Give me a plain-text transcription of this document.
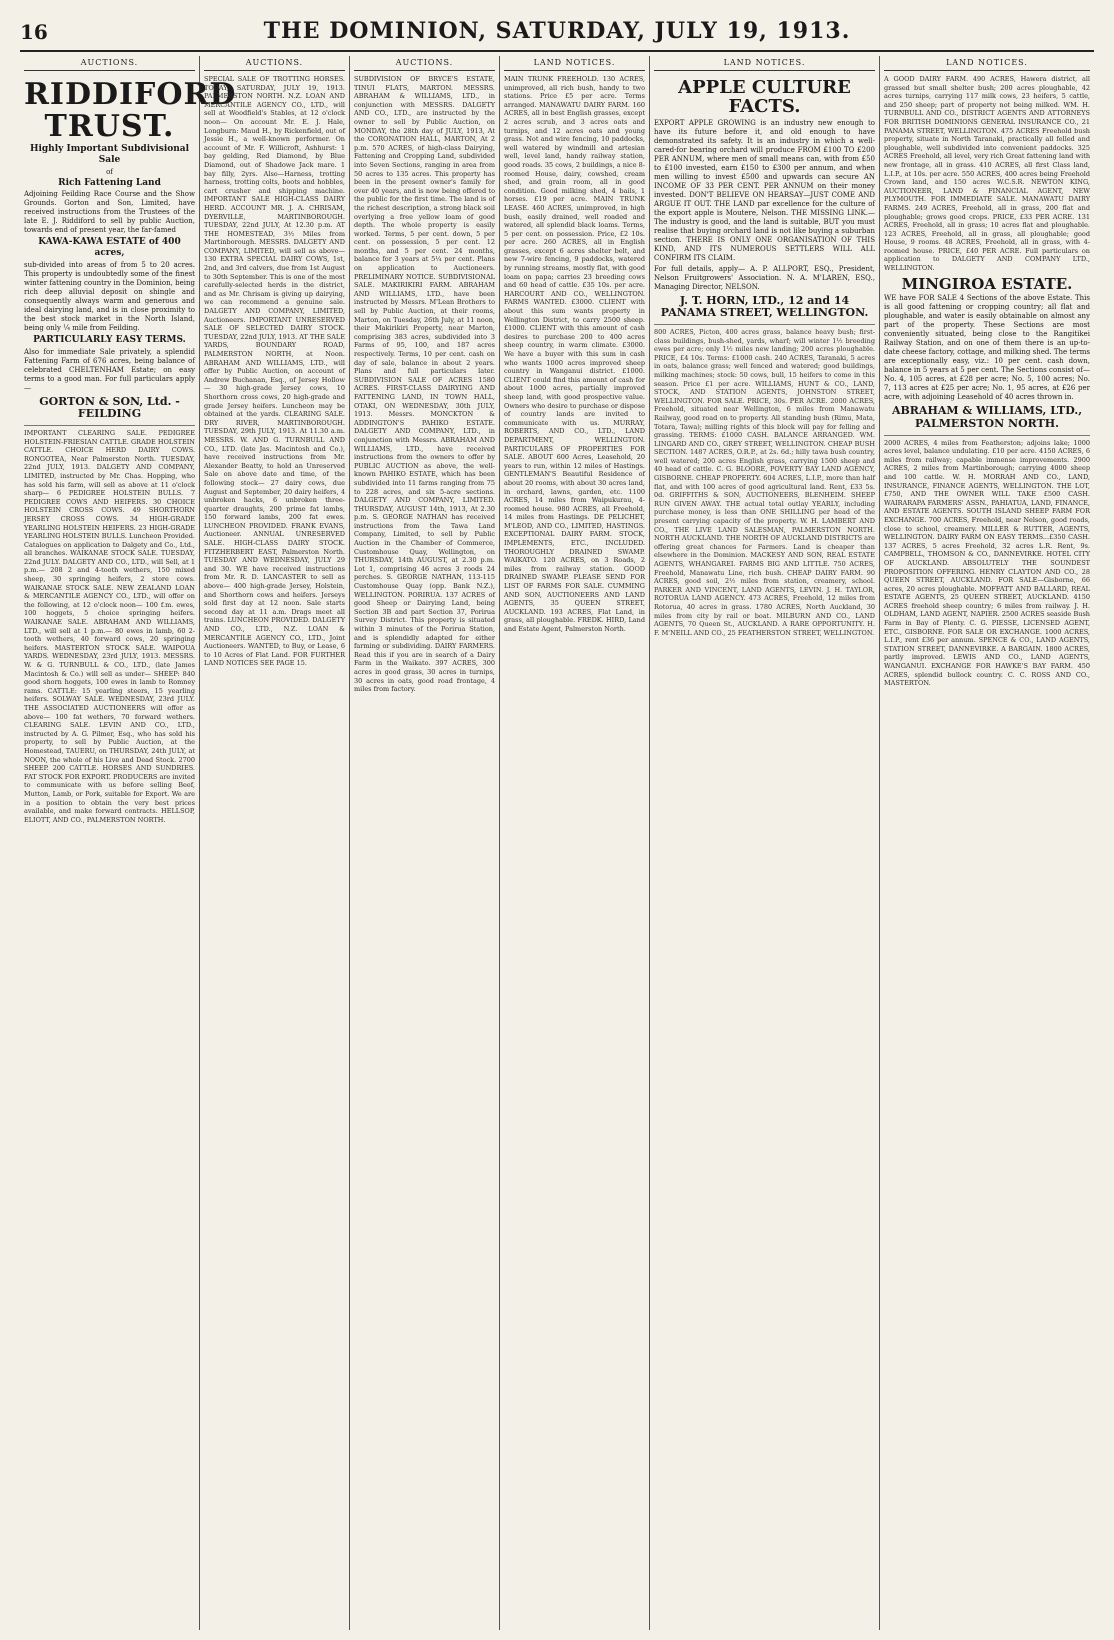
16	THE DOMINION, SATURDAY, JULY 19, 1913.
AUCTIONS.
RIDDIFORD TRUST.
Highly Important Subdivisional Sale
of
Rich Fattening Land

Adjoining Feilding Race Course and the Show Grounds. Gorton and Son, Limited, have received instructions from the Trustees of the late E. J. Riddiford to sell by public Auction, towards end of present year, the far-famed

KAWA-KAWA ESTATE of 400 acres,

sub-divided into areas of from 5 to 20 acres. This property is undoubtedly some of the finest winter fattening country in the Dominion, being rich deep alluvial deposit on shingle and consequently always warm and generous and ideal dairying land, and is in close proximity to the best stock market in the North Island, being only ¼ mile from Feilding.

PARTICULARLY EASY TERMS.

Also for immediate Sale privately, a splendid Fattening Farm of 676 acres, being balance of celebrated CHELTENHAM Estate; on easy terms to a good man. For full particulars apply—

GORTON & SON, Ltd. - FEILDING

IMPORTANT CLEARING SALE. PEDIGREE HOLSTEIN-FRIESIAN CATTLE. GRADE HOLSTEIN CATTLE. CHOICE HERD DAIRY COWS. RONGOTEA, Near Palmerston North. TUESDAY, 22nd JULY, 1913. DALGETY AND COMPANY, LIMITED, instructed by Mr. Chas. Hopping, who has sold his farm, will sell as above at 11 o'clock sharp— 6 PEDIGREE HOLSTEIN BULLS. 7 PEDIGREE COWS AND HEIFERS. 30 CHOICE HOLSTEIN CROSS COWS. 49 SHORTHORN JERSEY CROSS COWS. 34 HIGH-GRADE YEARLING HOLSTEIN HEIFERS. 23 HIGH-GRADE YEARLING HOLSTEIN BULLS. Luncheon Provided. Catalogues on application to Dalgety and Co., Ltd., all branches. WAIKANAE STOCK SALE. TUESDAY, 22nd JULY. DALGETY AND CO., LTD., will Sell, at 1 p.m.— 208 2 and 4-tooth wethers, 150 mixed sheep, 30 springing heifers, 2 store cows. WAIKANAE STOCK SALE. NEW ZEALAND LOAN & MERCANTILE AGENCY CO., LTD., will offer on the following, at 12 o'clock noon— 100 f.m. ewes, 100 hoggets, 5 choice springing heifers. WAIKANAE SALE. ABRAHAM AND WILLIAMS, LTD., will sell at 1 p.m.— 80 ewes in lamb, 60 2-tooth wethers, 40 forward cows, 20 springing heifers. MASTERTON STOCK SALE. WAIPOUA YARDS. WEDNESDAY, 23rd JULY, 1913. MESSRS. W. & G. TURNBULL & CO., LTD., (late James Macintosh & Co.) will sell as under— SHEEP: 840 good shorn hoggets, 100 ewes in lamb to Romney rams. CATTLE: 15 yearling steers, 15 yearling heifers. SOLWAY SALE. WEDNESDAY, 23rd JULY. THE ASSOCIATED AUCTIONEERS will offer as above— 100 fat wethers, 70 forward wethers. CLEARING SALE. LEVIN AND CO., LTD., instructed by A. G. Pilmer, Esq., who has sold his property, to sell by Public Auction, at the Homestead, TAUERU, on THURSDAY, 24th JULY, at NOON, the whole of his Live and Dead Stock. 2700 SHEEP. 200 CATTLE. HORSES AND SUNDRIES. FAT STOCK FOR EXPORT. PRODUCERS are invited to communicate with us before selling Beef, Mutton, Lamb, or Pork, suitable for Export. We are in a position to obtain the very best prices available, and make forward contracts. HELLSOP, ELIOTT, AND CO., PALMERSTON NORTH.

AUCTIONS.

SPECIAL SALE OF TROTTING HORSES. TODAY, SATURDAY, JULY 19, 1913. PALMERSTON NORTH. N.Z. LOAN AND MERCANTILE AGENCY CO., LTD., will sell at Woodfield's Stables, at 12 o'clock noon— On account Mr. E. J. Hale, Longburn: Maud H., by Rickenfield, out of Jessie H., a well-known performer. On account of Mr. F. Willicroft, Ashhurst: 1 bay gelding, Red Diamond, by Blue Diamond, out of Shadowe Jack mare. 1 bay filly, 2yrs. Also—Harness, trotting harness, trotting colts, boots and hobbles, cart crusher and shipping machine. IMPORTANT SALE HIGH-CLASS DAIRY HERD. ACCOUNT MR. J. A. CHRISAM, DYERVILLE, MARTINBOROUGH. TUESDAY, 22nd JULY, At 12.30 p.m. AT THE HOMESTEAD, 3½ Miles from Martinborough. MESSRS. DALGETY AND COMPANY, LIMITED, will sell as above— 130 EXTRA SPECIAL DAIRY COWS, 1st, 2nd, and 3rd calvers, due from 1st August to 30th September. This is one of the most carefully-selected herds in the district, and as Mr. Chrisam is giving up dairying, we can recommend a genuine sale. DALGETY AND COMPANY, LIMITED, Auctioneers. IMPORTANT UNRESERVED SALE OF SELECTED DAIRY STOCK. TUESDAY, 22nd JULY, 1913. AT THE SALE YARDS, BOUNDARY ROAD, PALMERSTON NORTH, at Noon. ABRAHAM AND WILLIAMS, LTD., will offer by Public Auction, on account of Andrew Buchanan, Esq., of Jersey Hollow— 30 high-grade Jersey cows, 10 Shorthorn cross cows, 20 high-grade and grade Jersey heifers. Luncheon may be obtained at the yards. CLEARING SALE. DRY RIVER, MARTINBOROUGH. TUESDAY, 29th JULY, 1913. At 11.30 a.m. MESSRS. W. AND G. TURNBULL AND CO., LTD. (late Jas. Macintosh and Co.), have received instructions from Mr. Alexander Beatty, to hold an Unreserved Sale on above date and time, of the following stock— 27 dairy cows, due August and September, 20 dairy heifers, 4 unbroken hacks, 6 unbroken three-quarter draughts, 200 prime fat lambs, 150 forward lambs, 200 fat ewes. LUNCHEON PROVIDED. FRANK EVANS, Auctioneer. ANNUAL UNRESERVED SALE. HIGH-CLASS DAIRY STOCK. FITZHERBERT EAST, Palmerston North. TUESDAY AND WEDNESDAY, JULY 29 and 30. WE have received instructions from Mr. R. D. LANCASTER to sell as above— 400 high-grade Jersey, Holstein, and Shorthorn cows and heifers. Jerseys sold first day at 12 noon. Sale starts second day at 11 a.m. Drags meet all trains. LUNCHEON PROVIDED. DALGETY AND CO., LTD., N.Z. LOAN & MERCANTILE AGENCY CO., LTD., Joint Auctioneers. WANTED, to Buy, or Lease, 6 to 10 Acres of Flat Land. FOR FURTHER LAND NOTICES SEE PAGE 15.

AUCTIONS.

SUBDIVISION OF BRYCE'S ESTATE, TINUI FLATS, MARTON. MESSRS. ABRAHAM & WILLIAMS, LTD., in conjunction with MESSRS. DALGETY AND CO., LTD., are instructed by the owner to sell by Public Auction, on MONDAY, the 28th day of JULY, 1913, At the CORONATION HALL, MARTON, At 2 p.m. 570 ACRES, of high-class Dairying, Fattening and Cropping Land, subdivided into Seven Sections, ranging in area from 50 acres to 135 acres. This property has been in the present owner's family for over 40 years, and is now being offered to the public for the first time. The land is of the richest description, a strong black soil overlying a free yellow loam of good depth. The whole property is easily worked. Terms, 5 per cent. down, 5 per cent. on possession, 5 per cent. 12 months, and 5 per cent. 24 months, balance for 3 years at 5¼ per cent. Plans on application to Auctioneers. PRELIMINARY NOTICE. SUBDIVISIONAL SALE. MAKIRIKIRI FARM. ABRAHAM AND WILLIAMS, LTD., have been instructed by Messrs. M'Lean Brothers to sell by Public Auction, at their rooms, Marton, on Tuesday, 26th July, at 11 noon, their Makirikiri Property, near Marton, comprising 383 acres, subdivided into 3 Farms of 95, 100, and 187 acres respectively. Terms, 10 per cent. cash on day of sale, balance in about 2 years. Plans and full particulars later. SUBDIVISION SALE OF ACRES 1580 ACRES. FIRST-CLASS DAIRYING AND FATTENING LAND, IN TOWN HALL, OTAKI, ON WEDNESDAY, 30th JULY, 1913. Messrs. MONCKTON & ADDINGTON'S PAHIKO ESTATE. DALGETY AND COMPANY, LTD., in conjunction with Messrs. ABRAHAM AND WILLIAMS, LTD., have received instructions from the owners to offer by PUBLIC AUCTION as above, the well-known PAHIKO ESTATE, which has been subdivided into 11 farms ranging from 75 to 228 acres, and six 5-acre sections. DALGETY AND COMPANY, LIMITED. THURSDAY, AUGUST 14th, 1913, At 2.30 p.m. S. GEORGE NATHAN has received instructions from the Tawa Land Company, Limited, to sell by Public Auction in the Chamber of Commerce, Customhouse Quay, Wellington, on THURSDAY, 14th AUGUST, at 2.30 p.m. Lot 1, comprising 46 acres 3 roods 24 perches. S. GEORGE NATHAN, 113-115 Customhouse Quay (opp. Bank N.Z.), WELLINGTON. PORIRUA. 137 ACRES of good Sheep or Dairying Land, being Section 3B and part Section 37, Porirua Survey District. This property is situated within 3 minutes of the Porirua Station, and is splendidly adapted for either farming or subdividing. DAIRY FARMERS. Read this if you are in search of a Dairy Farm in the Waikato. 397 ACRES, 300 acres in good grass, 30 acres in turnips, 30 acres in oats, good road frontage, 4 miles from factory.

LAND NOTICES.

MAIN TRUNK FREEHOLD. 130 ACRES, unimproved, all rich bush, handy to two stations. Price £5 per acre. Terms arranged. MANAWATU DAIRY FARM. 160 ACRES, all in best English grasses, except 2 acres scrub, and 3 acres oats and turnips, and 12 acres oats and young grass. Not and wire fencing, 10 paddocks, well watered by windmill and artesian well, level land, handy railway station, good roads. 35 cows, 2 buildings, a nice 8-roomed House, dairy, cowshed, cream shed, and grain room, all in good condition. Good milking shed, 4 bails, 1 horses. £19 per acre. MAIN TRUNK LEASE. 460 ACRES, unimproved, in high bush, easily drained, well roaded and watered, all splendid black loams. Terms, 5 per cent. on possession. Price, £2 10s. per acre. 260 ACRES, all in English grasses, except 6 acres shelter belt, and new 7-wire fencing, 9 paddocks, watered by running streams, mostly flat, with good loam on papa; carries 23 breeding cows and 60 head of cattle. £35 10s. per acre. HARCOURT AND CO., WELLINGTON. FARMS WANTED. £3000. CLIENT with about this sum wants property in Wellington District, to carry 2500 sheep. £1000. CLIENT with this amount of cash desires to purchase 200 to 400 acres sheep country, in warm climate. £3000. We have a buyer with this sum in cash who wants 1000 acres improved sheep country in Wanganui district. £1000. CLIENT could find this amount of cash for about 1000 acres, partially improved sheep land, with good prospective value. Owners who desire to purchase or dispose of country lands are invited to communicate with us. MURRAY, ROBERTS, AND CO., LTD., LAND DEPARTMENT, WELLINGTON. PARTICULARS OF PROPERTIES FOR SALE. ABOUT 600 Acres, Leasehold, 20 years to run, within 12 miles of Hastings. GENTLEMAN'S Beautiful Residence of about 20 rooms, with about 30 acres land, in orchard, lawns, garden, etc. 1100 ACRES, 14 miles from Waipukurau, 4-roomed house. 980 ACRES, all Freehold, 14 miles from Hastings. DE PELICHET, M'LEOD, AND CO., LIMITED, HASTINGS. EXCEPTIONAL DAIRY FARM. STOCK, IMPLEMENTS, ETC., INCLUDED. THOROUGHLY DRAINED SWAMP. WAIKATO. 120 ACRES, on 3 Roads, 2 miles from railway station. GOOD DRAINED SWAMP. PLEASE SEND FOR LIST OF FARMS FOR SALE. CUMMING AND SON, AUCTIONEERS AND LAND AGENTS, 35 QUEEN STREET, AUCKLAND. 193 ACRES, Flat Land, in grass, all ploughable. FREDK. HIRD, Land and Estate Agent, Palmerston North.

LAND NOTICES.
APPLE CULTURE FACTS.

EXPORT APPLE GROWING is an industry new enough to have its future before it, and old enough to have demonstrated its safety. It is an industry in which a well-cared-for bearing orchard will produce FROM £100 TO £200 PER ANNUM, where men of small means can, with from £50 to £100 invested, earn £150 to £300 per annum, and when men willing to invest £500 and upwards can secure AN INCOME OF 33 PER CENT. PER ANNUM on their money invested. DON'T BELIEVE ON HEARSAY—JUST COME AND ARGUE IT OUT. THE LAND par excellence for the culture of the export apple is Moutere, Nelson. THE MISSING LINK.—The industry is good, and the land is suitable, BUT you must realise that buying orchard land is not like buying a suburban section. THERE IS ONLY ONE ORGANISATION OF THIS KIND, AND ITS NUMEROUS SETTLERS WILL ALL CONFIRM ITS CLAIM.

For full details, apply— A. P. ALLPORT, ESQ., President, Nelson Fruitgrowers' Association. N. A. M'LAREN, ESQ., Managing Director, NELSON.

J. T. HORN, LTD., 12 and 14 PANAMA STREET, WELLINGTON.

800 ACRES, Picton, 400 acres grass, balance heavy bush; first-class buildings, bush-shed, yards, wharf; will winter 1½ breeding ewes per acre; only 1½ miles new landing; 200 acres ploughable. PRICE, £4 10s. Terms: £1000 cash. 240 ACRES, Taranaki, 5 acres in oats, balance grass; well fenced and watered; good buildings, milking machines; stock: 50 cows, bull, 15 heifers to come in this season. Price £1 per acre. WILLIAMS, HUNT & CO., LAND, STOCK, AND STATION AGENTS, JOHNSTON STREET, WELLINGTON. FOR SALE. PRICE, 30s. PER ACRE. 2000 ACRES, Freehold, situated near Wellington, 6 miles from Manawatu Railway, good road on to property. All standing bush (Rimu, Mata, Totara, Tawa); milling rights of this block will pay for felling and grassing. TERMS: £1000 CASH. BALANCE ARRANGED. WM. LINGARD AND CO., GREY STREET, WELLINGTON. CHEAP BUSH SECTION. 1487 ACRES, O.R.P., at 2s. 6d.; hilly tawa bush country, well watered; 200 acres English grass, carrying 1500 sheep and 40 head of cattle. C. G. BLOORE, POVERTY BAY LAND AGENCY, GISBORNE. CHEAP PROPERTY. 604 ACRES, L.I.P., more than half flat, and with 100 acres of good agricultural land. Rent, £33 5s. 0d. GRIFFITHS & SON, AUCTIONEERS, BLENHEIM. SHEEP RUN GIVEN AWAY. THE actual total outlay YEARLY, including purchase money, is less than ONE SHILLING per head of the present carrying capacity of the property. W. H. LAMBERT AND CO., THE LIVE LAND SALESMAN, PALMERSTON NORTH. NORTH AUCKLAND. THE NORTH OF AUCKLAND DISTRICTS are offering great chances for Farmers. Land is cheaper than elsewhere in the Dominion. MACKESY AND SON, REAL ESTATE AGENTS, WHANGAREI. FARMS BIG AND LITTLE. 750 ACRES, Freehold, Manawatu Line, rich bush. CHEAP DAIRY FARM. 90 ACRES, good soil, 2½ miles from station, creamery, school. PARKER AND VINCENT, LAND AGENTS, LEVIN. J. H. TAYLOR, ROTORUA LAND AGENCY. 473 ACRES, Freehold, 12 miles from Rotorua, 40 acres in grass. 1780 ACRES, North Auckland, 30 miles from city by rail or boat. MILBURN AND CO., LAND AGENTS, 70 Queen St., AUCKLAND. A RARE OPPORTUNITY. H. F. M'NEILL AND CO., 25 FEATHERSTON STREET, WELLINGTON.

LAND NOTICES.

A GOOD DAIRY FARM. 490 ACRES, Hawera district, all grassed but small shelter bush; 200 acres ploughable, 42 acres turnips, carrying 117 milk cows, 23 heifers, 5 cattle, and 250 sheep; part of property not being milked. WM. H. TURNBULL AND CO., DISTRICT AGENTS AND ATTORNEYS FOR BRITISH DOMINIONS GENERAL INSURANCE CO., 21 PANAMA STREET, WELLINGTON. 475 ACRES Freehold bush property, situate in North Taranaki, practically all felled and ploughable, well subdivided into convenient paddocks. 325 ACRES Freehold, all level, very rich Great fattening land with new frontage, all in grass. 410 ACRES, all first Class land, L.I.P., at 10s. per acre. 550 ACRES, 400 acres being Freehold Crown land, and 150 acres W.C.S.R. NEWTON KING, AUCTIONEER, LAND & FINANCIAL AGENT, NEW PLYMOUTH. FOR IMMEDIATE SALE. MANAWATU DAIRY FARMS. 249 ACRES, Freehold, all in grass, 200 flat and ploughable; grows good crops. PRICE, £33 PER ACRE. 131 ACRES, Freehold, all in grass; 10 acres flat and ploughable. 123 ACRES, Freehold, all in grass, all ploughable; good House, 9 rooms. 48 ACRES, Freehold, all in grass, with 4-roomed house. PRICE, £40 PER ACRE. Full particulars on application to DALGETY AND COMPANY LTD., WELLINGTON.

MINGIROA ESTATE.

WE have FOR SALE 4 Sections of the above Estate. This is all good fattening or cropping country; all flat and ploughable, and water is easily obtainable on almost any part of the property. These Sections are most conveniently situated, being close to the Rangitikei Railway Station, and on one of them there is an up-to-date cheese factory, cottage, and milking shed. The terms are exceptionally easy, viz.: 10 per cent. cash down, balance in 5 years at 5 per cent. The Sections consist of—No. 4, 105 acres, at £28 per acre; No. 5, 100 acres; No. 7, 113 acres at £25 per acre; No. 1, 95 acres, at £26 per acre, with adjoining Leasehold of 40 acres thrown in.

ABRAHAM & WILLIAMS, LTD., PALMERSTON NORTH.

2000 ACRES, 4 miles from Featherston; adjoins lake; 1000 acres level, balance undulating. £10 per acre. 4150 ACRES, 6 miles from railway; capable immense improvements. 2900 ACRES, 2 miles from Martinborough; carrying 4000 sheep and 100 cattle. W. H. MORRAH AND CO., LAND, INSURANCE, FINANCE AGENTS, WELLINGTON. THE LOT, £750, AND THE OWNER WILL TAKE £500 CASH. WAIRARAPA FARMERS' ASSN., PAHIATUA, LAND, FINANCE, AND ESTATE AGENTS. SOUTH ISLAND SHEEP FARM FOR EXCHANGE. 700 ACRES, Freehold, near Nelson, good roads, close to school, creamery. MILLER & RUTTER, AGENTS, WELLINGTON. DAIRY FARM ON EASY TERMS...£350 CASH. 137 ACRES, 5 acres Freehold, 32 acres L.R. Rent, 9s. CAMPBELL, THOMSON & CO., DANNEVIRKE. HOTEL CITY OF AUCKLAND. ABSOLUTELY THE SOUNDEST PROPOSITION OFFERING. HENRY CLAYTON AND CO., 28 QUEEN STREET, AUCKLAND. FOR SALE—Gisborne, 66 acres, 20 acres ploughable. MOFFATT AND BALLARD, REAL ESTATE AGENTS, 25 QUEEN STREET, AUCKLAND. 4150 ACRES freehold sheep country; 6 miles from railway. J. H. OLDHAM, LAND AGENT, NAPIER. 2500 ACRES seaside Bush Farm in Bay of Plenty. C. G. PIESSE, LICENSED AGENT, ETC., GISBORNE. FOR SALE OR EXCHANGE. 1000 ACRES, L.I.P., rent £36 per annum. SPENCE & CO., LAND AGENTS, STATION STREET, DANNEVIRKE. A BARGAIN. 1800 ACRES, partly improved. LEWIS AND CO., LAND AGENTS, WANGANUI. EXCHANGE FOR HAWKE'S BAY FARM. 450 ACRES, splendid bullock country. C. C. ROSS AND CO., MASTERTON.
